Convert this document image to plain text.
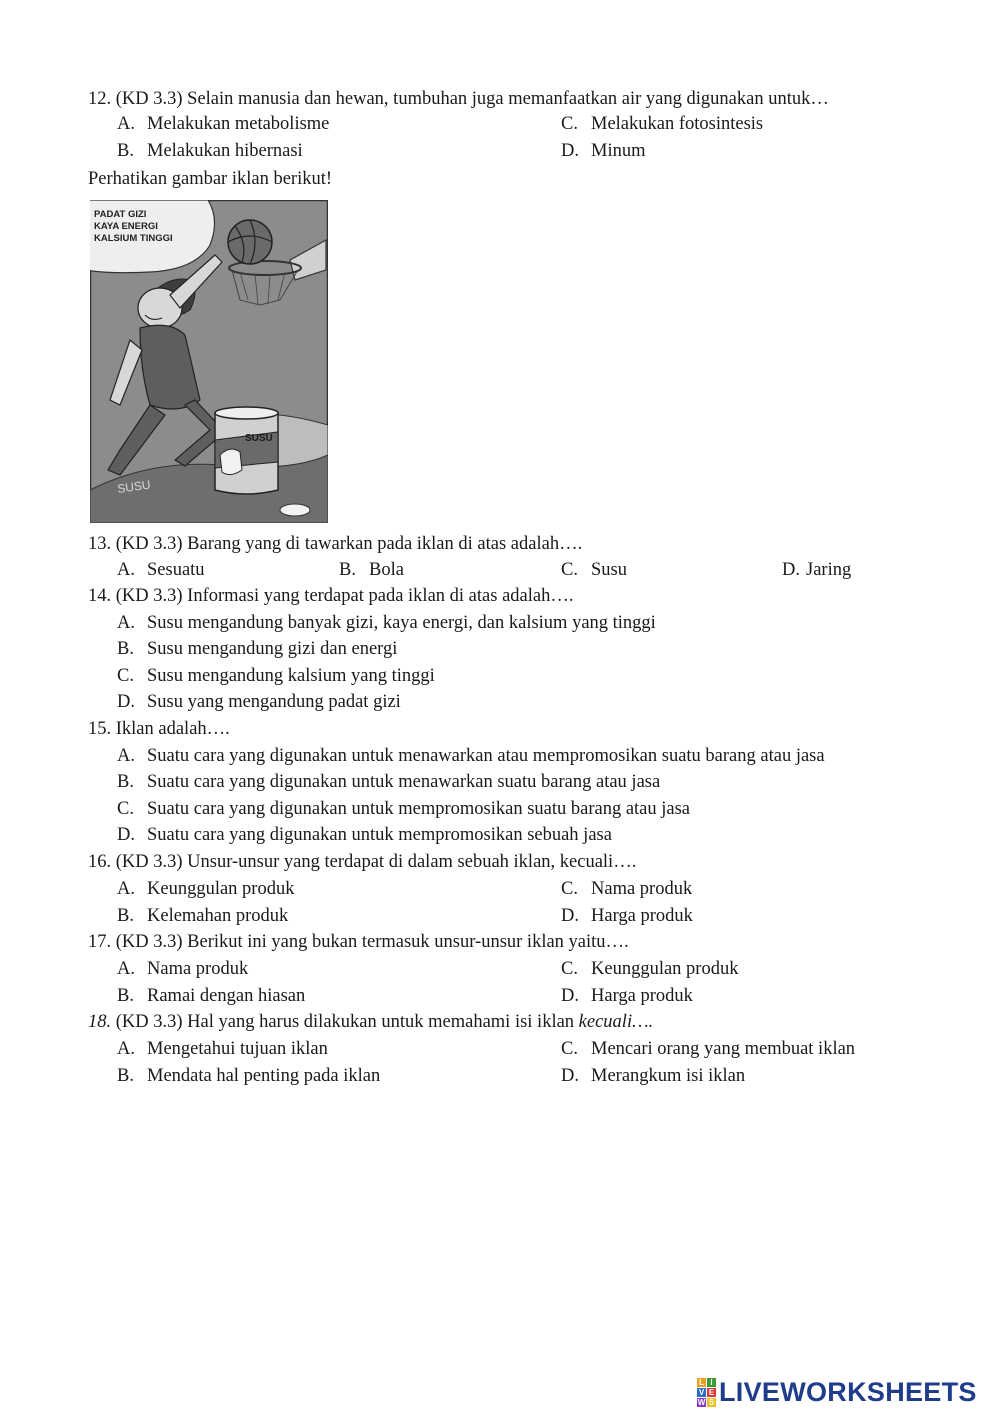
12. (KD 3.3) Selain manusia dan hewan, tumbuhan juga memanfaatkan air yang digunakan untuk…
A. Melakukan metabolisme	C. Melakukan fotosintesis
B. Melakukan hibernasi	D. Minum
Perhatikan gambar iklan berikut!
PADAT GIZI
KAYA ENERGI
KALSIUM TINGGI
SUSU
SUSU
13. (KD 3.3) Barang yang di tawarkan pada iklan di atas adalah….
A. Sesuatu	B. Bola	C. Susu	D. Jaring
14. (KD 3.3) Informasi yang terdapat pada iklan di atas adalah….
A. Susu mengandung banyak gizi, kaya energi, dan kalsium yang tinggi
B. Susu mengandung gizi dan energi
C. Susu mengandung kalsium yang tinggi
D. Susu yang mengandung padat gizi
15. Iklan adalah….
A. Suatu cara yang digunakan untuk menawarkan atau mempromosikan suatu barang atau jasa
B. Suatu cara yang digunakan untuk menawarkan suatu barang atau jasa
C. Suatu cara yang digunakan untuk mempromosikan suatu barang atau jasa
D. Suatu cara yang digunakan untuk mempromosikan sebuah jasa
16. (KD 3.3) Unsur-unsur yang terdapat di dalam sebuah iklan, kecuali….
A. Keunggulan produk	C. Nama produk
B. Kelemahan produk	D. Harga produk
17. (KD 3.3) Berikut ini yang bukan termasuk unsur-unsur iklan yaitu….
A. Nama produk	C. Keunggulan produk
B. Ramai dengan hiasan	D. Harga produk
18. (KD 3.3) Hal yang harus dilakukan untuk memahami isi iklan kecuali….
A. Mengetahui tujuan iklan	C. Mencari orang yang membuat iklan
B. Mendata hal penting pada iklan	D. Merangkum isi iklan
L I
V E
W S LIVEWORKSHEETS
